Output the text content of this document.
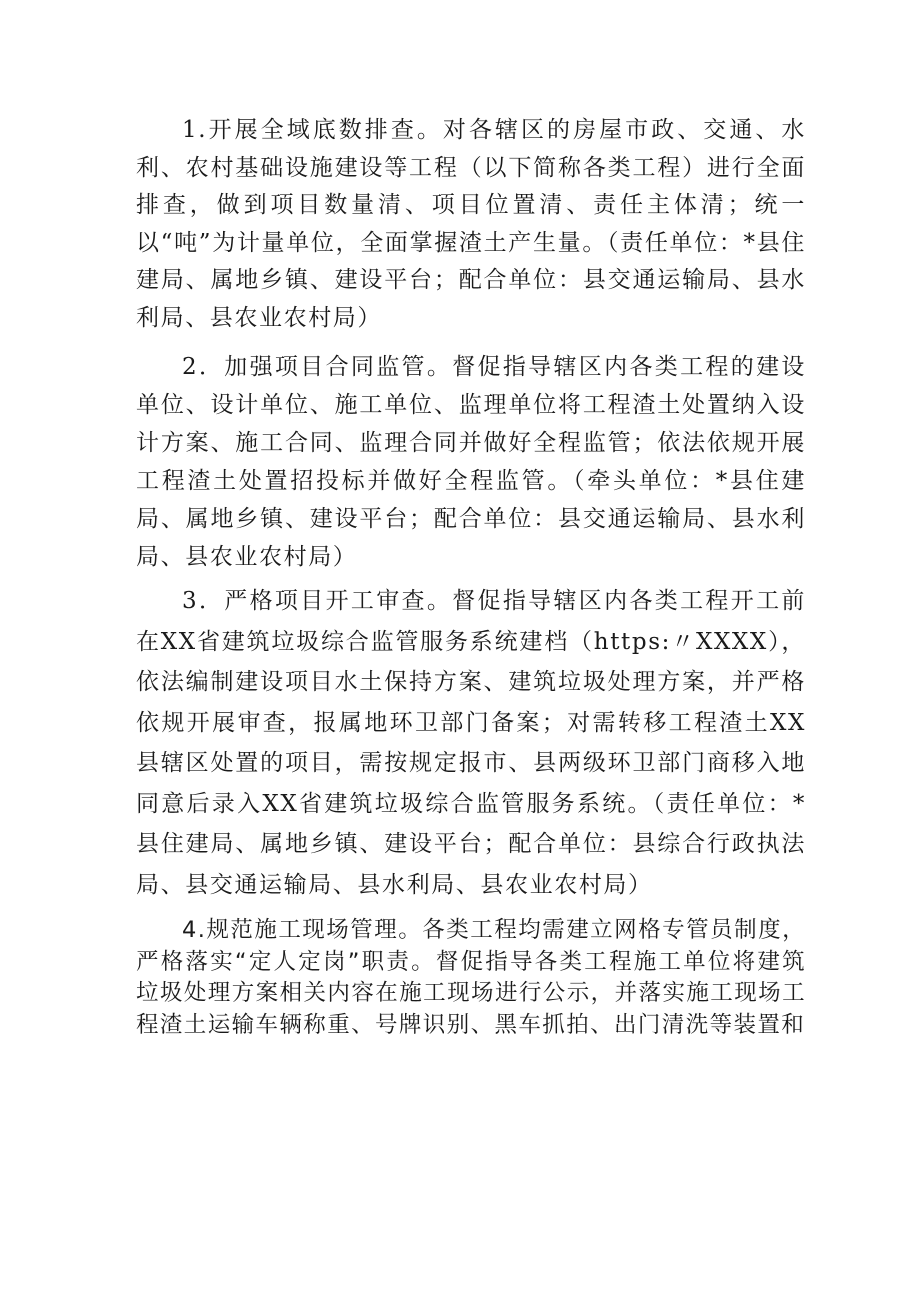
1.开展全域底数排查。对各辖区的房屋市政、交通、水利、农村基础设施建设等工程（以下简称各类工程）进行全面排查，做到项目数量清、项目位置清、责任主体清；统一以“吨”为计量单位，全面掌握渣土产生量。（责任单位：*县住建局、属地乡镇、建设平台；配合单位：县交通运输局、县水利局、县农业农村局）

2．加强项目合同监管。督促指导辖区内各类工程的建设单位、设计单位、施工单位、监理单位将工程渣土处置纳入设计方案、施工合同、监理合同并做好全程监管；依法依规开展工程渣土处置招投标并做好全程监管。（牵头单位：*县住建局、属地乡镇、建设平台；配合单位：县交通运输局、县水利局、县农业农村局）

3．严格项目开工审查。督促指导辖区内各类工程开工前在XX省建筑垃圾综合监管服务系统建档（https:〃XXXX），依法编制建设项目水土保持方案、建筑垃圾处理方案，并严格依规开展审查，报属地环卫部门备案；对需转移工程渣土XX县辖区处置的项目，需按规定报市、县两级环卫部门商移入地同意后录入XX省建筑垃圾综合监管服务系统。（责任单位：*县住建局、属地乡镇、建设平台；配合单位：县综合行政执法局、县交通运输局、县水利局、县农业农村局）

4.规范施工现场管理。各类工程均需建立网格专管员制度，严格落实“定人定岗”职责。督促指导各类工程施工单位将建筑垃圾处理方案相关内容在施工现场进行公示，并落实施工现场工程渣土运输车辆称重、号牌识别、黑车抓拍、出门清洗等装置和
